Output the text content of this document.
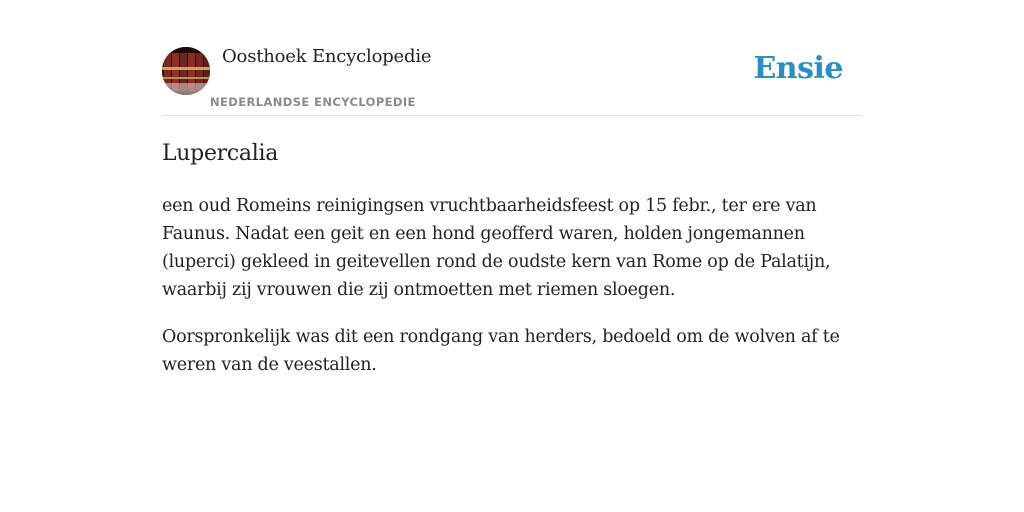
Oosthoek Encyclopedie
NEDERLANDSE ENCYCLOPEDIE
Ensie
Lupercalia

een oud Romeins reinigingsen vruchtbaarheidsfeest op 15 febr., ter ere van Faunus. Nadat een geit en een hond geofferd waren, holden jongemannen (luperci) gekleed in geitevellen rond de oudste kern van Rome op de Palatijn, waarbij zij vrouwen die zij ontmoetten met riemen sloegen.

Oorspronkelijk was dit een rondgang van herders, bedoeld om de wolven af te weren van de veestallen.
